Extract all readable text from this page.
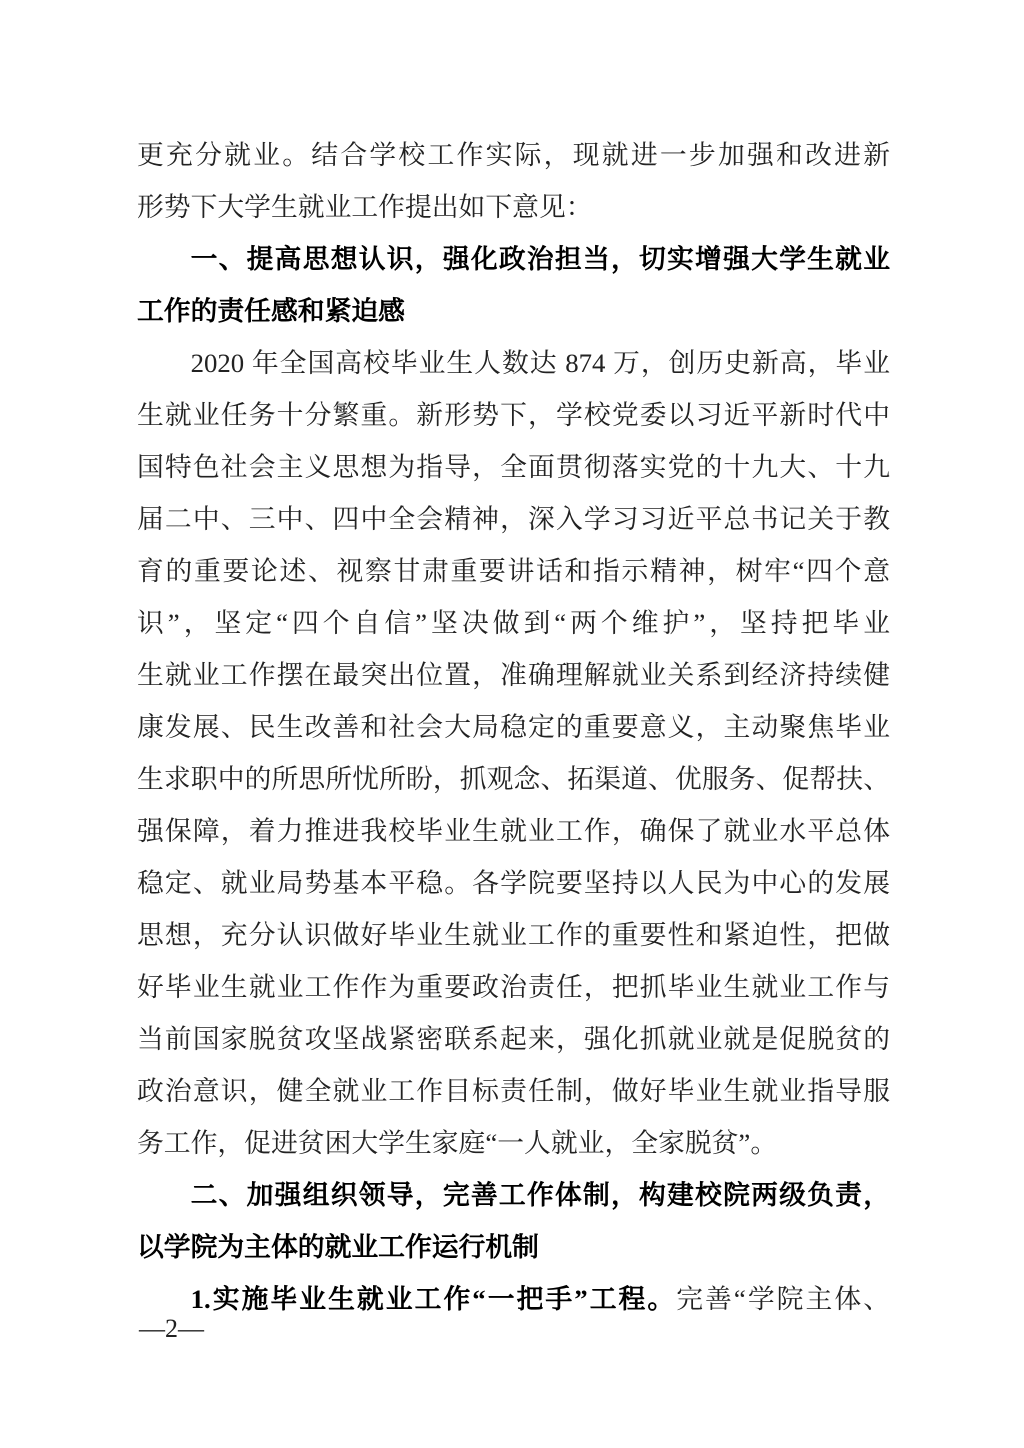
更充分就业。结合学校工作实际，现就进一步加强和改进新
形势下大学生就业工作提出如下意见：
一、提高思想认识，强化政治担当，切实增强大学生就业
工作的责任感和紧迫感
2020 年全国高校毕业生人数达 874 万，创历史新高，毕业
生就业任务十分繁重。新形势下，学校党委以习近平新时代中
国特色社会主义思想为指导，全面贯彻落实党的十九大、十九
届二中、三中、四中全会精神，深入学习习近平总书记关于教
育的重要论述、视察甘肃重要讲话和指示精神，树牢“四个意
识”，坚定“四个自信”坚决做到“两个维护”，坚持把毕业
生就业工作摆在最突出位置，准确理解就业关系到经济持续健
康发展、民生改善和社会大局稳定的重要意义，主动聚焦毕业
生求职中的所思所忧所盼，抓观念、拓渠道、优服务、促帮扶、
强保障，着力推进我校毕业生就业工作，确保了就业水平总体
稳定、就业局势基本平稳。各学院要坚持以人民为中心的发展
思想，充分认识做好毕业生就业工作的重要性和紧迫性，把做
好毕业生就业工作作为重要政治责任，把抓毕业生就业工作与
当前国家脱贫攻坚战紧密联系起来，强化抓就业就是促脱贫的
政治意识，健全就业工作目标责任制，做好毕业生就业指导服
务工作，促进贫困大学生家庭“一人就业，全家脱贫”。
二、加强组织领导，完善工作体制，构建校院两级负责，
以学院为主体的就业工作运行机制
1.实施毕业生就业工作“一把手”工程。完善“学院主体、
—2—
